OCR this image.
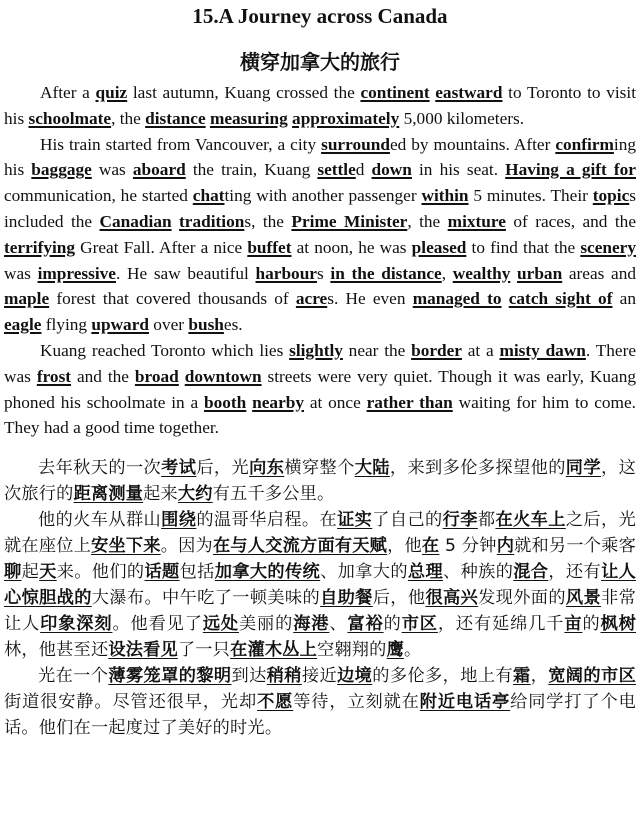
15.A Journey across Canada
横穿加拿大的旅行

After a quiz last autumn, Kuang crossed the continent eastward to Toronto to visit his schoolmate, the distance measuring approximately 5,000 kilometers.

His train started from Vancouver, a city surrounded by mountains. After confirming his baggage was aboard the train, Kuang settled down in his seat. Having a gift for communication, he started chatting with another passenger within 5 minutes. Their topics included the Canadian traditions, the Prime Minister, the mixture of races, and the terrifying Great Fall. After a nice buffet at noon, he was pleased to find that the scenery was impressive. He saw beautiful harbours in the distance, wealthy urban areas and maple forest that covered thousands of acres. He even managed to catch sight of an eagle flying upward over bushes.

Kuang reached Toronto which lies slightly near the border at a misty dawn. There was frost and the broad downtown streets were very quiet. Though it was early, Kuang phoned his schoolmate in a booth nearby at once rather than waiting for him to come. They had a good time together.

去年秋天的一次考试后，光向东横穿整个大陆，来到多伦多探望他的同学，这次旅行的距离测量起来大约有五千多公里。

他的火车从群山围绕的温哥华启程。在证实了自己的行李都在火车上之后，光就在座位上安坐下来。因为在与人交流方面有天赋，他在 5 分钟内就和另一个乘客聊起天来。他们的话题包括加拿大的传统、加拿大的总理、种族的混合，还有让人心惊胆战的大瀑布。中午吃了一顿美味的自助餐后，他很高兴发现外面的风景非常让人印象深刻。他看见了远处美丽的海港、富裕的市区，还有延绵几千亩的枫树林，他甚至还设法看见了一只在灌木丛上空翱翔的鹰。

光在一个薄雾笼罩的黎明到达稍稍接近边境的多伦多，地上有霜，宽阔的市区街道很安静。尽管还很早，光却不愿等待，立刻就在附近电话亭给同学打了个电话。他们在一起度过了美好的时光。
